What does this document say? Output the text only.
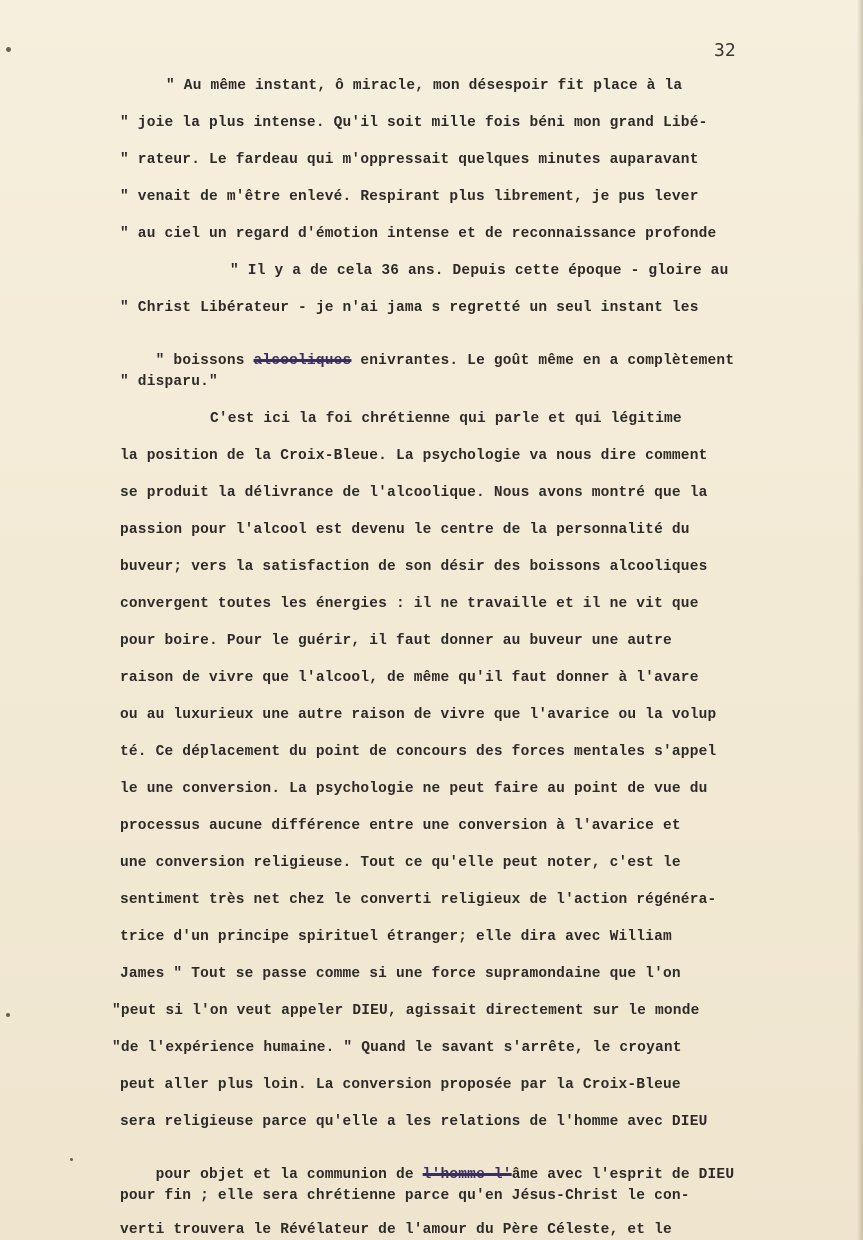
32
" Au même instant, ô miracle, mon désespoir fit place à la
" joie la plus intense. Qu'il soit mille fois béni mon grand Libé-
" rateur. Le fardeau qui m'oppressait quelques minutes auparavant
" venait de m'être enlevé. Respirant plus librement, je pus lever
" au ciel un regard d'émotion intense et de reconnaissance profonde
" Il y a de cela 36 ans. Depuis cette époque - gloire au
" Christ Libérateur - je n'ai jama s regretté un seul instant les

" boissons alcooliques enivrantes. Le goût même en a complètement

" disparu."
C'est ici la foi chrétienne qui parle et qui légitime
la position de la Croix-Bleue. La psychologie va nous dire comment
se produit la délivrance de l'alcoolique. Nous avons montré que la
passion pour l'alcool est devenu le centre de la personnalité du
buveur; vers la satisfaction de son désir des boissons alcooliques
convergent toutes les énergies : il ne travaille et il ne vit que
pour boire. Pour le guérir, il faut donner au buveur une autre
raison de vivre que l'alcool, de même qu'il faut donner à l'avare
ou au luxurieux une autre raison de vivre que l'avarice ou la volup
té. Ce déplacement du point de concours des forces mentales s'appel
le une conversion. La psychologie ne peut faire au point de vue du
processus aucune différence entre une conversion à l'avarice et
une conversion religieuse. Tout ce qu'elle peut noter, c'est le
sentiment très net chez le converti religieux de l'action régénéra-
trice d'un principe spirituel étranger; elle dira avec William
James " Tout se passe comme si une force supramondaine que l'on
"peut si l'on veut appeler DIEU, agissait directement sur le monde
"de l'expérience humaine. " Quand le savant s'arrête, le croyant
peut aller plus loin. La conversion proposée par la Croix-Bleue
sera religieuse parce qu'elle a les relations de l'homme avec DIEU

pour objet et la communion de l'homme l'âme avec l'esprit de DIEU

pour fin ; elle sera chrétienne parce qu'en Jésus-Christ le con-
verti trouvera le Révélateur de l'amour du Père Céleste, et le
